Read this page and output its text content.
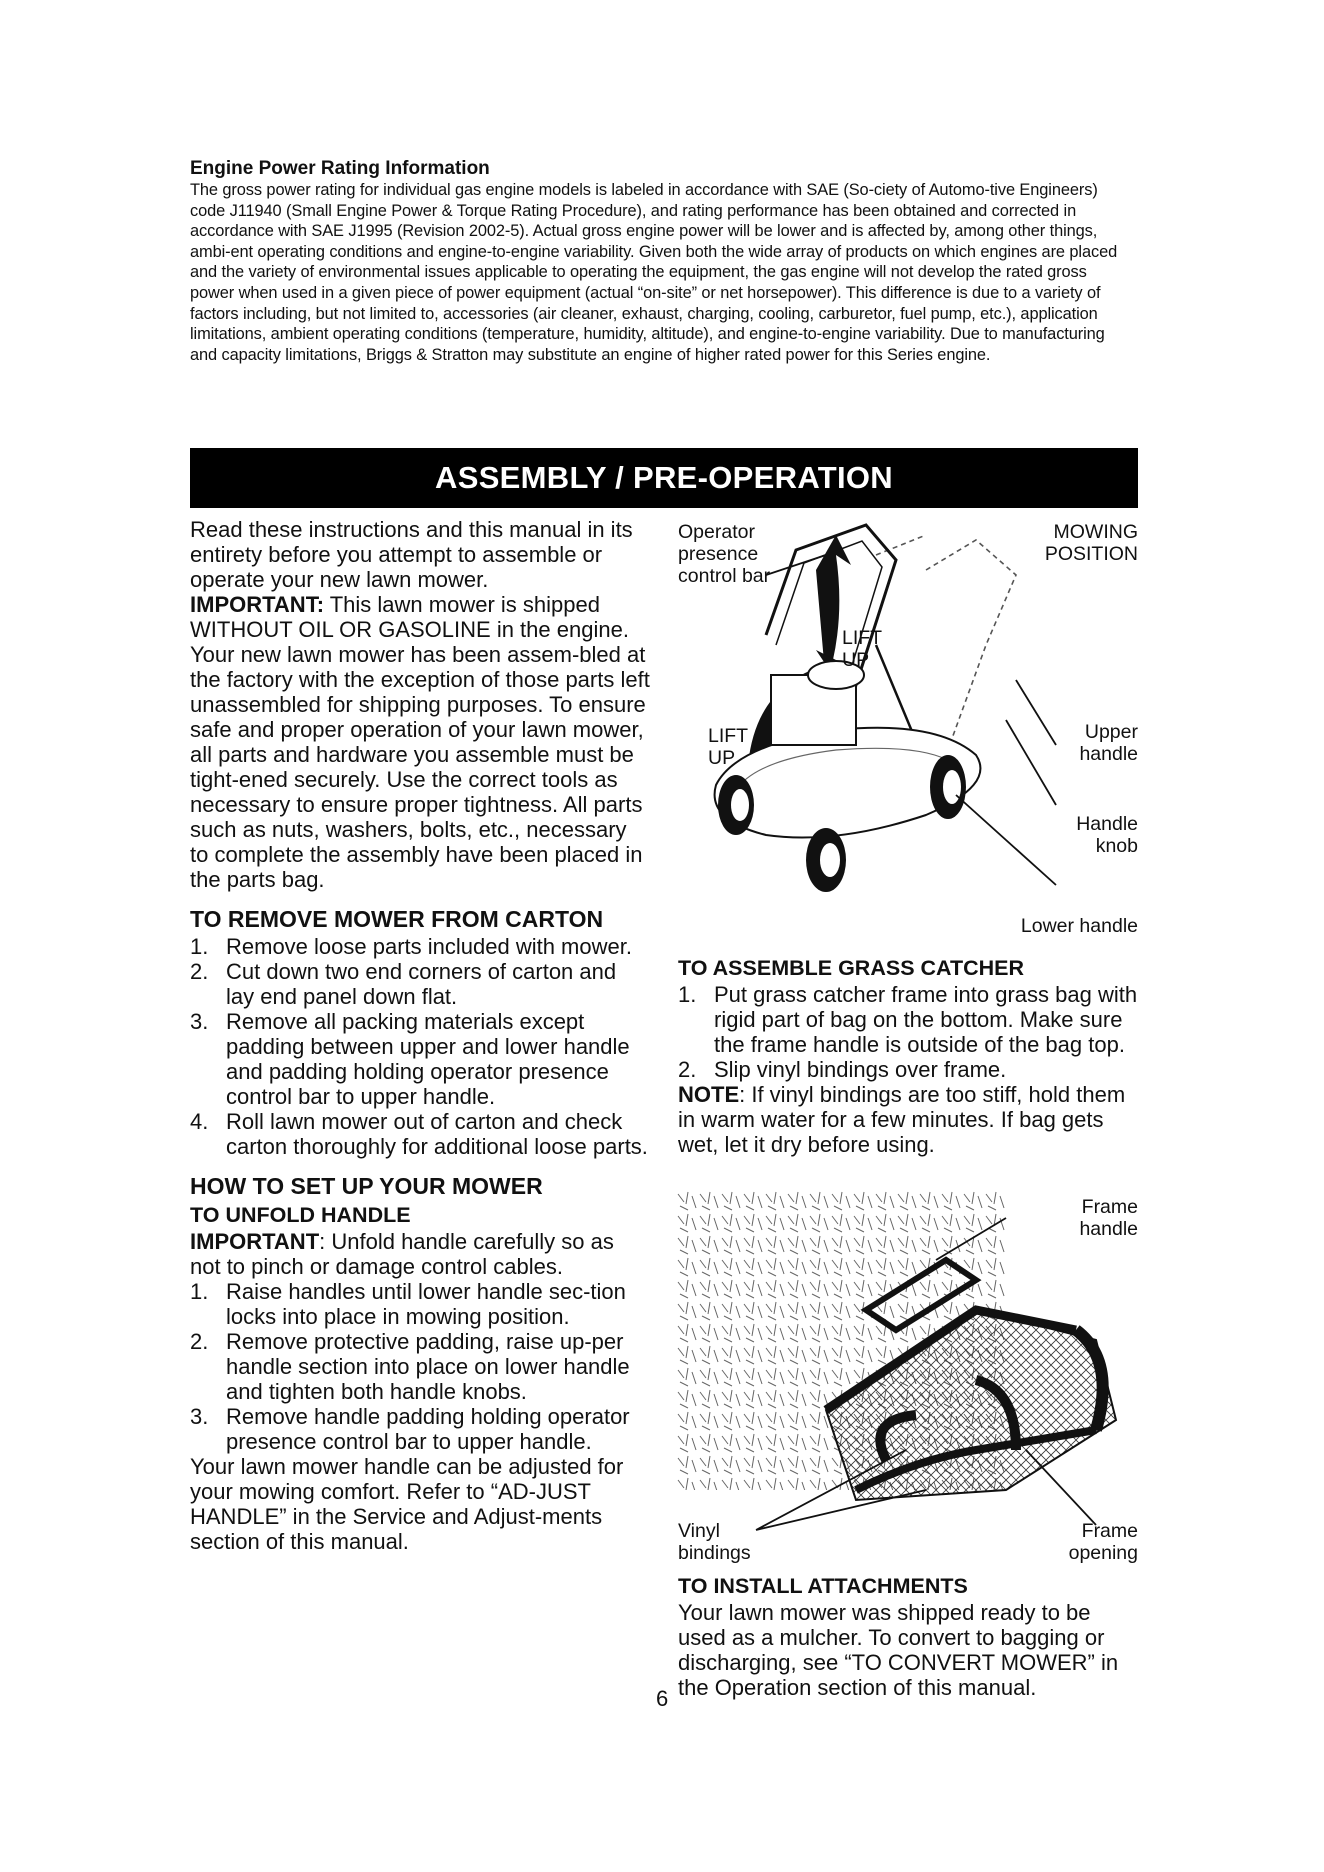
Engine Power Rating Information

The gross power rating for individual gas engine models is labeled in accordance with SAE (So-ciety of Automo-tive Engineers) code J11940 (Small Engine Power & Torque Rating Procedure), and rating performance has been obtained and corrected in accordance with SAE J1995 (Revision 2002-5). Actual gross engine power will be lower and is affected by, among other things, ambi-ent operating conditions and engine-to-engine variability. Given both the wide array of products on which engines are placed and the variety of environmental issues applicable to operating the equipment, the gas engine will not develop the rated gross power when used in a given piece of power equipment (actual “on-site” or net horsepower). This difference is due to a variety of factors including, but not limited to, accessories (air cleaner, exhaust, charging, cooling, carburetor, fuel pump, etc.), application limitations, ambient operating conditions (temperature, humidity, altitude), and engine-to-engine variability. Due to manufacturing and capacity limitations, Briggs & Stratton may substitute an engine of higher rated power for this Series engine.

ASSEMBLY / PRE-OPERATION

Read these instructions and this manual in its entirety before you attempt to assemble or operate your new lawn mower.

IMPORTANT: This lawn mower is shipped WITHOUT OIL OR GASOLINE in the engine.

Your new lawn mower has been assem-bled at the factory with the exception of those parts left unassembled for shipping purposes. To ensure safe and proper operation of your lawn mower, all parts and hardware you assemble must be tight-ened securely. Use the correct tools as necessary to ensure proper tightness. All parts such as nuts, washers, bolts, etc., necessary to complete the assembly have been placed in the parts bag.

TO REMOVE MOWER FROM CARTON
1. Remove loose parts included with mower.
2. Cut down two end corners of carton and lay end panel down flat.
3. Remove all packing materials except padding between upper and lower handle and padding holding operator presence control bar to upper handle.
4. Roll lawn mower out of carton and check carton thoroughly for additional loose parts.
HOW TO SET UP YOUR MOWER
TO UNFOLD HANDLE

IMPORTANT: Unfold handle carefully so as not to pinch or damage control cables.

1. Raise handles until lower handle sec-tion locks into place in mowing position.
2. Remove protective padding, raise up-per handle section into place on lower handle and tighten both handle knobs.
3. Remove handle padding holding operator presence control bar to upper handle.

Your lawn mower handle can be adjusted for your mowing comfort. Refer to “AD-JUST HANDLE” in the Service and Adjust-ments section of this manual.

Operator
presence
control bar
MOWING
POSITION
LIFT
UP
LIFT
UP
Upper
handle
Handle
knob
Lower handle
TO ASSEMBLE GRASS CATCHER
1. Put grass catcher frame into grass bag with rigid part of bag on the bottom. Make sure the frame handle is outside of the bag top.
2. Slip vinyl bindings over frame.

NOTE: If vinyl bindings are too stiff, hold them in warm water for a few minutes. If bag gets wet, let it dry before using.

Frame
handle
Vinyl
bindings
Frame
opening
TO INSTALL ATTACHMENTS

Your lawn mower was shipped ready to be used as a mulcher. To convert to bagging or discharging, see “TO CONVERT MOWER” in the Operation section of this manual.

6
